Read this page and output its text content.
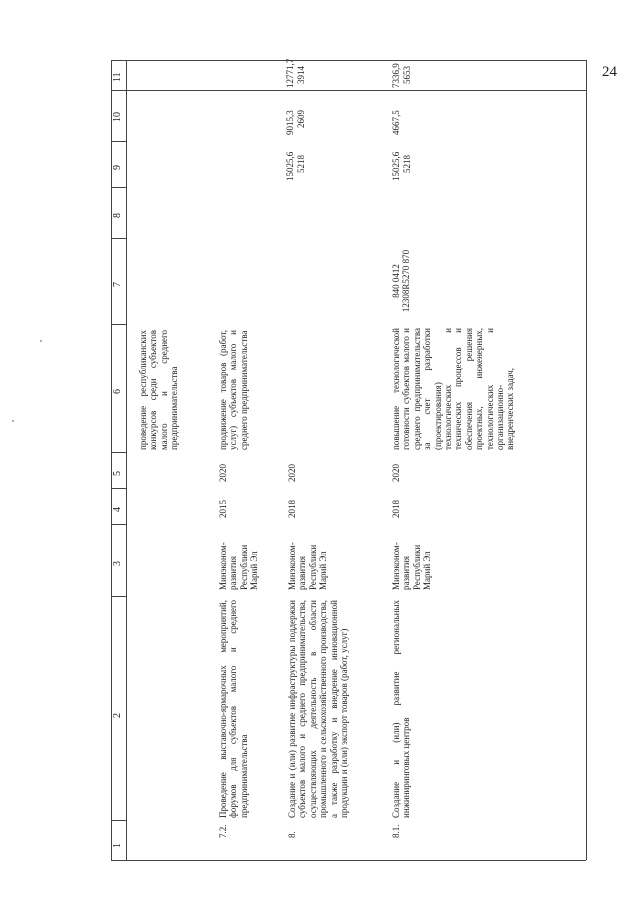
24
1
2
3
4
5
6
7
8
9
10
11
проведение республиканских конкурсов среди субъектов малого и среднего предпринимательства
7.2.
Проведение выставочно-ярмарочных мероприятий, форумов для субъектов малого и среднего предпринимательства
Минэконом- развития Республики Марий Эл
2015
2020
продвижение товаров (работ, услуг) субъектов малого и среднего предпринимательства
15025,6 5218
9015,3 2609
12771,7 3914
8.
Создание и (или) развитие инфраструктуры поддержки субъектов малого и среднего предпринимательства, осуществляющих деятельность в области промышленного и сельскохозяйственного производства, а также разработку и внедрение инновационной продукции и (или) экспорт товаров (работ, услуг)
Минэконом- развития Республики Марий Эл
2018
2020
8.1.
Создание и (или) развитие региональных инжиниринговых центров
Минэконом- развития Республики Марий Эл
2018
2020
повышение технологической готовности субъектов малого и среднего предпринимательства за счет разработки (проектирования) технологических и технических процессов и обеспечения решения проектных, инженерных, технологических и организационно- внедренческих задач,
840 0412 12308R5270 870
15025,6 5218
4667,5
7336,9 5653
